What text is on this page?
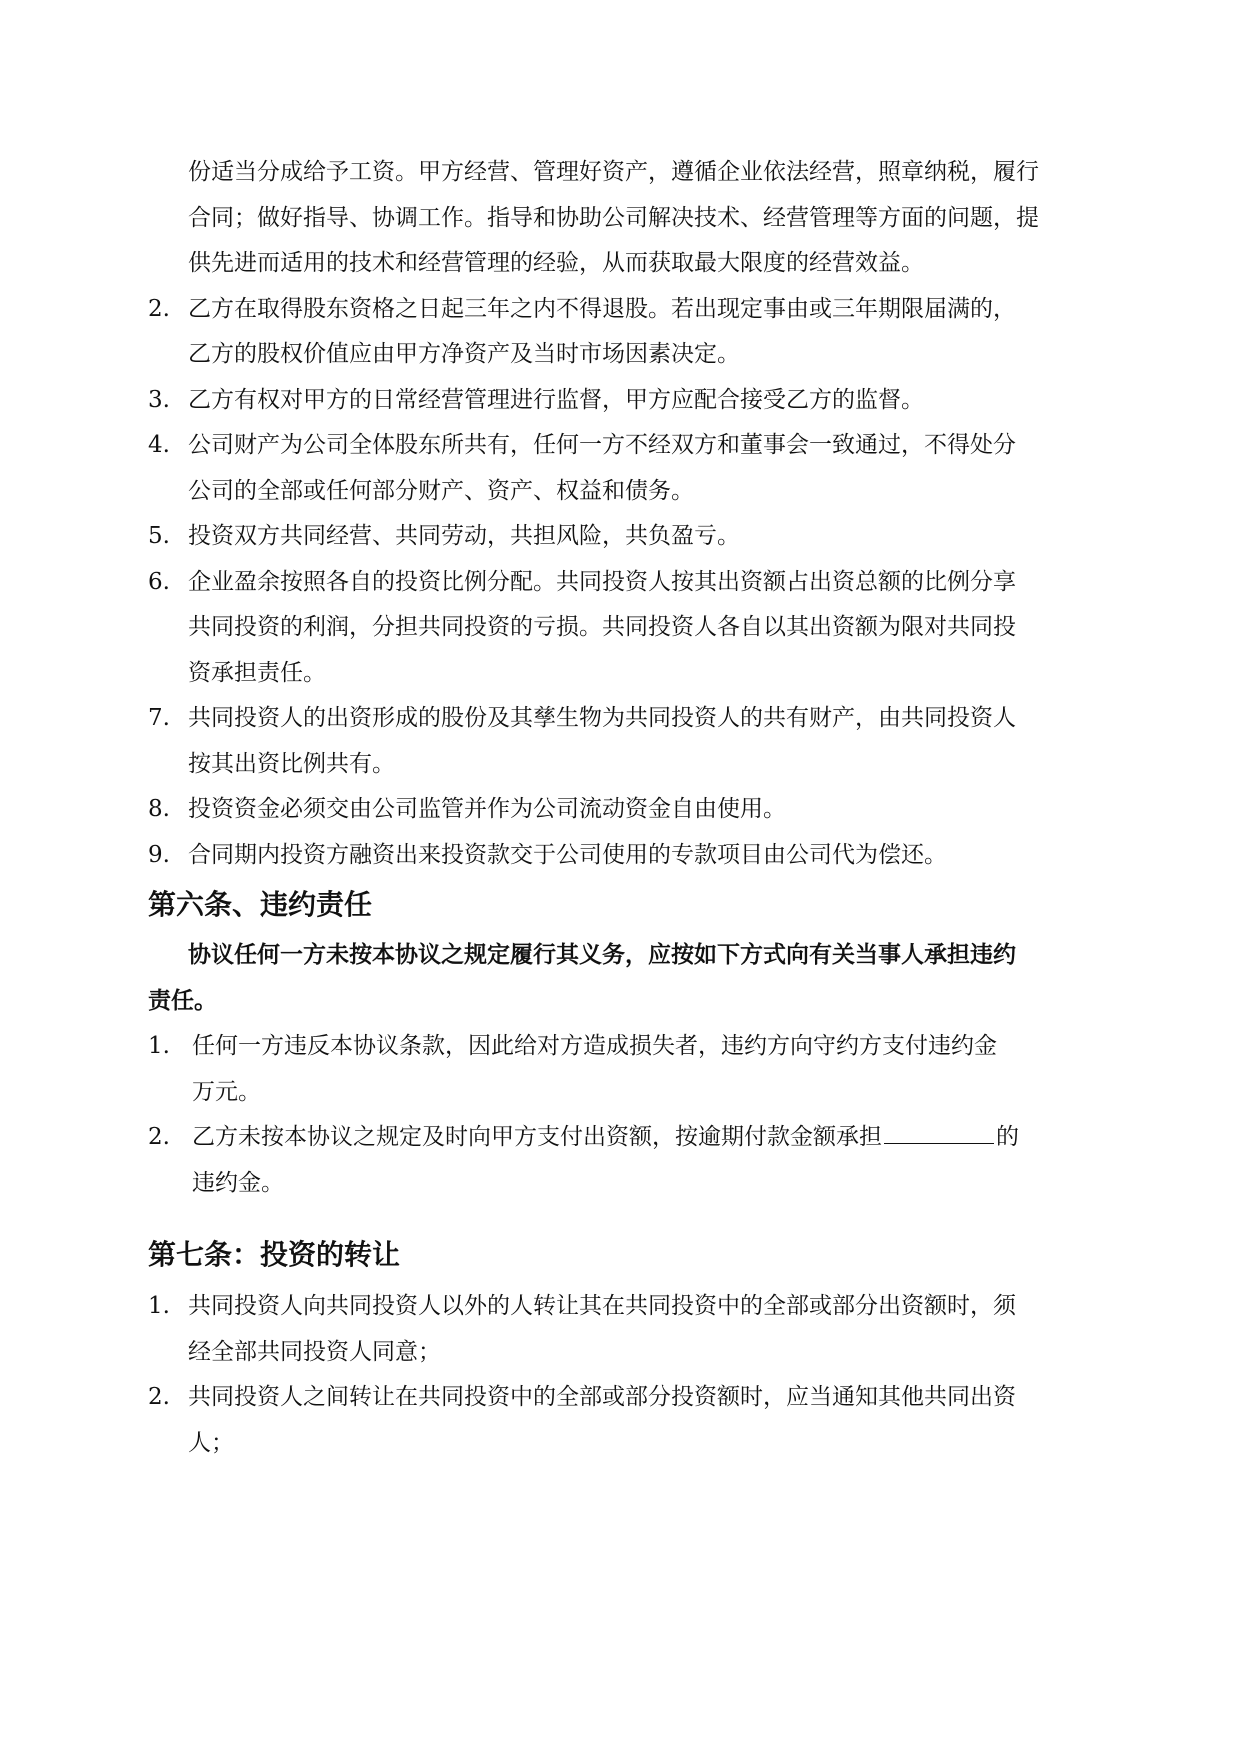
份适当分成给予工资。甲方经营、管理好资产，遵循企业依法经营，照章纳税，履行
合同；做好指导、协调工作。指导和协助公司解决技术、经营管理等方面的问题，提
供先进而适用的技术和经营管理的经验，从而获取最大限度的经营效益。
2. 乙方在取得股东资格之日起三年之内不得退股。若出现定事由或三年期限届满的，
乙方的股权价值应由甲方净资产及当时市场因素决定。
3. 乙方有权对甲方的日常经营管理进行监督，甲方应配合接受乙方的监督。
4. 公司财产为公司全体股东所共有，任何一方不经双方和董事会一致通过，不得处分
公司的全部或任何部分财产、资产、权益和债务。
5. 投资双方共同经营、共同劳动，共担风险，共负盈亏。
6. 企业盈余按照各自的投资比例分配。共同投资人按其出资额占出资总额的比例分享
共同投资的利润，分担共同投资的亏损。共同投资人各自以其出资额为限对共同投
资承担责任。
7. 共同投资人的出资形成的股份及其孳生物为共同投资人的共有财产，由共同投资人
按其出资比例共有。
8. 投资资金必须交由公司监管并作为公司流动资金自由使用。
9. 合同期内投资方融资出来投资款交于公司使用的专款项目由公司代为偿还。
第六条、违约责任
协议任何一方未按本协议之规定履行其义务，应按如下方式向有关当事人承担违约
责任。
1. 任何一方违反本协议条款，因此给对方造成损失者，违约方向守约方支付违约金
万元。
2. 乙方未按本协议之规定及时向甲方支付出资额，按逾期付款金额承担	的
违约金。
第七条：投资的转让
1. 共同投资人向共同投资人以外的人转让其在共同投资中的全部或部分出资额时，须
经全部共同投资人同意；
2. 共同投资人之间转让在共同投资中的全部或部分投资额时，应当通知其他共同出资
人；
